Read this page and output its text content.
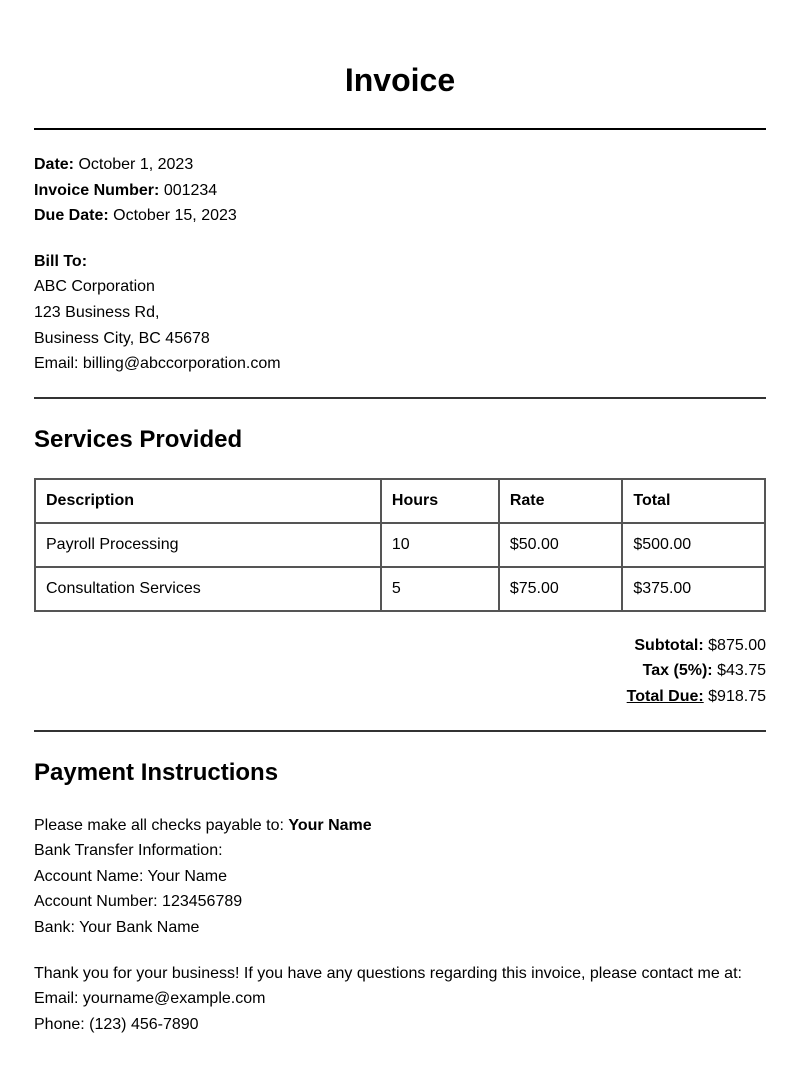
Invoice
Date: October 1, 2023
Invoice Number: 001234
Due Date: October 15, 2023
Bill To:
ABC Corporation
123 Business Rd,
Business City, BC 45678
Email: billing@abccorporation.com
Services Provided
Description	Hours	Rate	Total
Payroll Processing	10	$50.00	$500.00
Consultation Services	5	$75.00	$375.00
Subtotal: $875.00
Tax (5%): $43.75
Total Due: $918.75
Payment Instructions
Please make all checks payable to: Your Name
Bank Transfer Information:
Account Name: Your Name
Account Number: 123456789
Bank: Your Bank Name
Thank you for your business! If you have any questions regarding this invoice, please contact me at:
Email: yourname@example.com
Phone: (123) 456-7890
